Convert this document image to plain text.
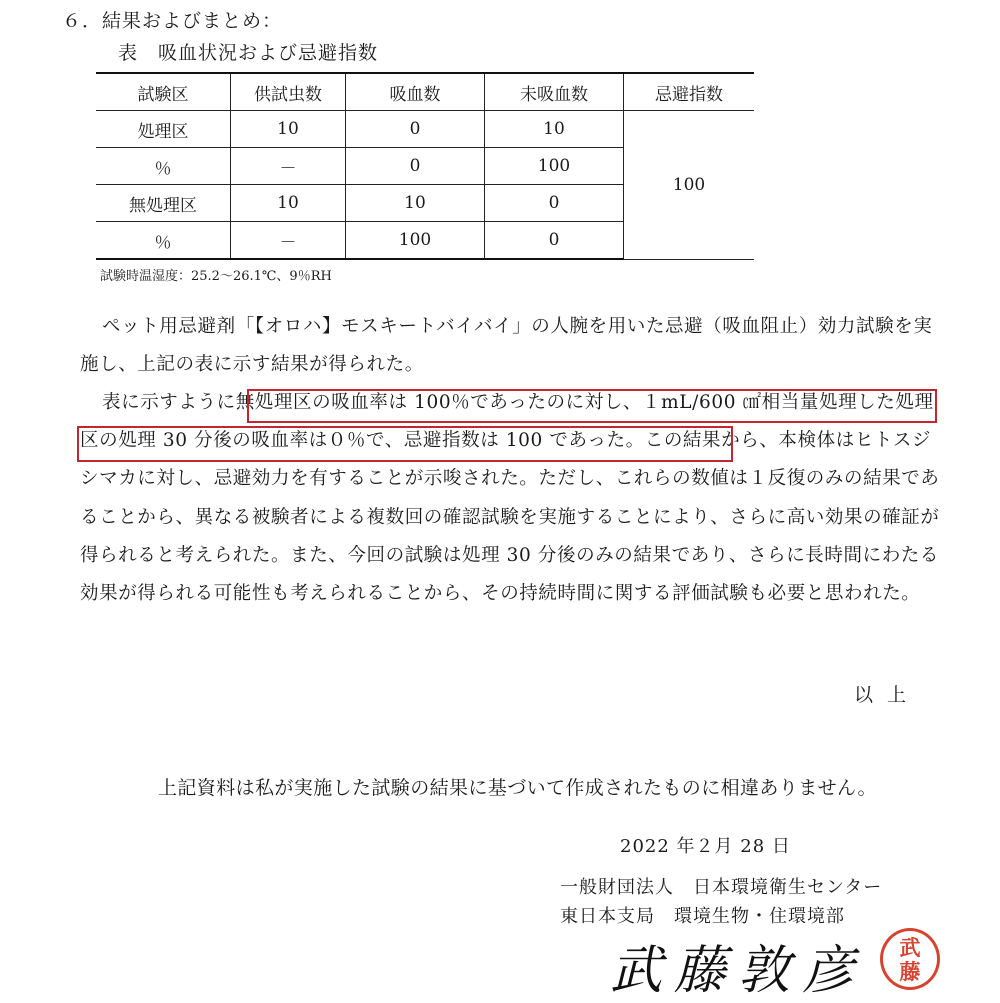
６．結果およびまとめ：
表　吸血状況および忌避指数
試験区	供試虫数	吸血数	未吸血数	忌避指数
処理区	10	0	10	100
％	－	0	100	
無処理区	10	10	0	
％	－	100	0	
試験時温湿度：25.2～26.1℃、9％RH
ペット用忌避剤「【オロハ】モスキートバイバイ」の人腕を用いた忌避（吸血阻止）効力試験を実施し、上記の表に示す結果が得られた。
表に示すように無処理区の吸血率は 100％であったのに対し、１mL/600 ㎠相当量処理した処理区の処理 30 分後の吸血率は０％で、忌避指数は 100 であった。この結果から、本検体はヒトスジシマカに対し、忌避効力を有することが示唆された。ただし、これらの数値は１反復のみの結果であることから、異なる被験者による複数回の確認試験を実施することにより、さらに高い効果の確証が得られると考えられた。また、今回の試験は処理 30 分後のみの結果であり、さらに長時間にわたる効果が得られる可能性も考えられることから、その持続時間に関する評価試験も必要と思われた。
以上
上記資料は私が実施した試験の結果に基づいて作成されたものに相違ありません。
2022 年２月 28 日
一般財団法人　日本環境衛生センター
東日本支局　環境生物・住環境部
武藤敦彦	武
藤
